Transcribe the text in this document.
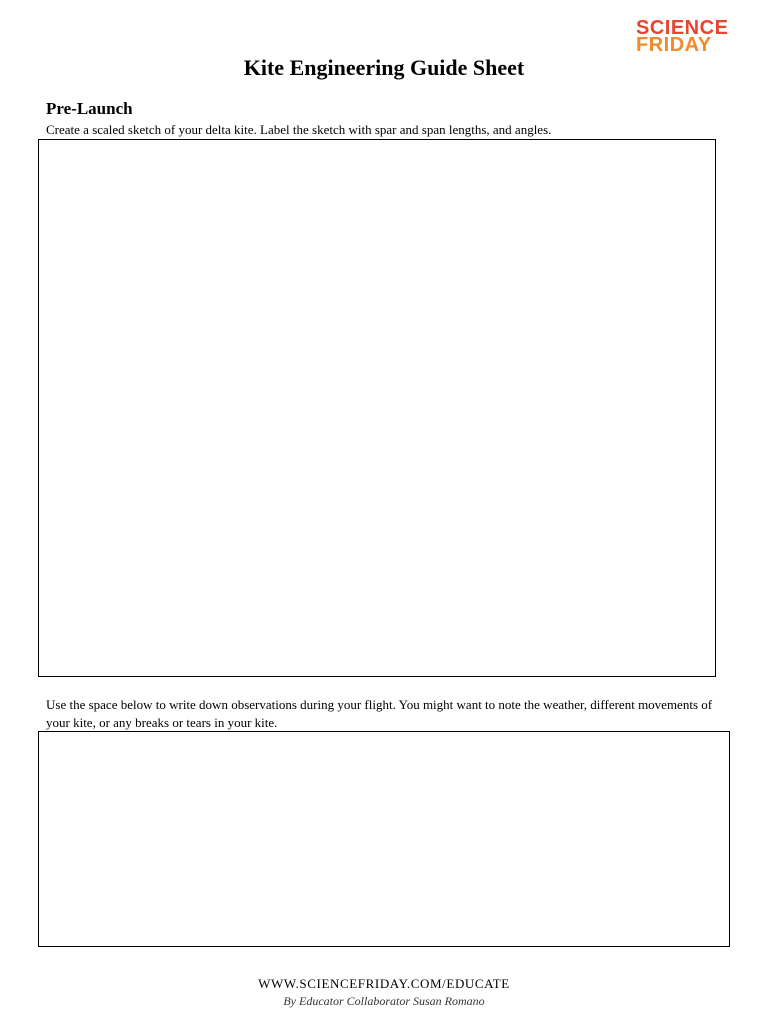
SCIENCE
FRIDAY
Kite Engineering Guide Sheet
Pre-Launch

Create a scaled sketch of your delta kite. Label the sketch with spar and span lengths, and angles.

Use the space below to write down observations during your flight. You might want to note the weather, different movements of your kite, or any breaks or tears in your kite.

WWW.SCIENCEFRIDAY.COM/EDUCATE

By Educator Collaborator Susan Romano
